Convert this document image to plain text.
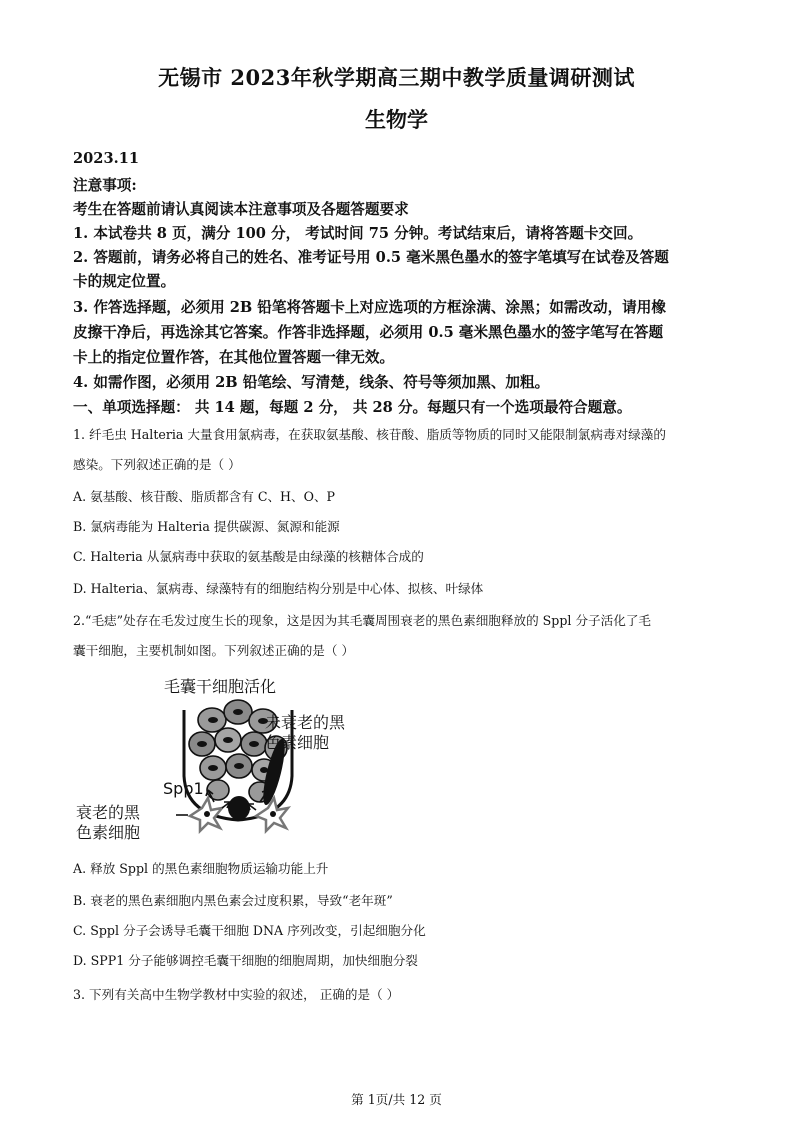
无锡市 2023年秋学期高三期中教学质量调研测试
生物学
2023.11
注意事项:
考生在答题前请认真阅读本注意事项及各题答题要求
1. 本试卷共 8 页，满分 100 分， 考试时间 75 分钟。考试结束后，请将答题卡交回。
2. 答题前，请务必将自己的姓名、准考证号用 0.5 毫米黑色墨水的签字笔填写在试卷及答题
卡的规定位置。
3. 作答选择题，必须用 2B 铅笔将答题卡上对应选项的方框涂满、涂黑；如需改动，请用橡
皮擦干净后，再选涂其它答案。作答非选择题，必须用 0.5 毫米黑色墨水的签字笔写在答题
卡上的指定位置作答，在其他位置答题一律无效。
4. 如需作图，必须用 2B 铅笔绘、写清楚，线条、符号等须加黑、加粗。
一、单项选择题： 共 14 题，每题 2 分， 共 28 分。每题只有一个选项最符合题意。
1. 纤毛虫 Halteria 大量食用氯病毒，在获取氨基酸、核苷酸、脂质等物质的同时又能限制氯病毒对绿藻的
感染。下列叙述正确的是（ ）
A. 氨基酸、核苷酸、脂质都含有 C、H、O、P
B. 氯病毒能为 Halteria 提供碳源、氮源和能源
C. Halteria 从氯病毒中获取的氨基酸是由绿藻的核糖体合成的
D. Halteria、氯病毒、绿藻特有的细胞结构分别是中心体、拟核、叶绿体
2.“毛痣”处存在毛发过度生长的现象，这是因为其毛囊周围衰老的黑色素细胞释放的 Sppl 分子活化了毛
囊干细胞，主要机制如图。下列叙述正确的是（ ）
毛囊干细胞活化
未衰老的黑
色素细胞
Spp1
衰老的黑
色素细胞
A. 释放 Sppl 的黑色素细胞物质运输功能上升
B. 衰老的黑色素细胞内黑色素会过度积累，导致“老年斑”
C. Sppl 分子会诱导毛囊干细胞 DNA 序列改变，引起细胞分化
D. SPP1 分子能够调控毛囊干细胞的细胞周期，加快细胞分裂
3. 下列有关高中生物学教材中实验的叙述， 正确的是（ ）
第 1页/共 12 页
